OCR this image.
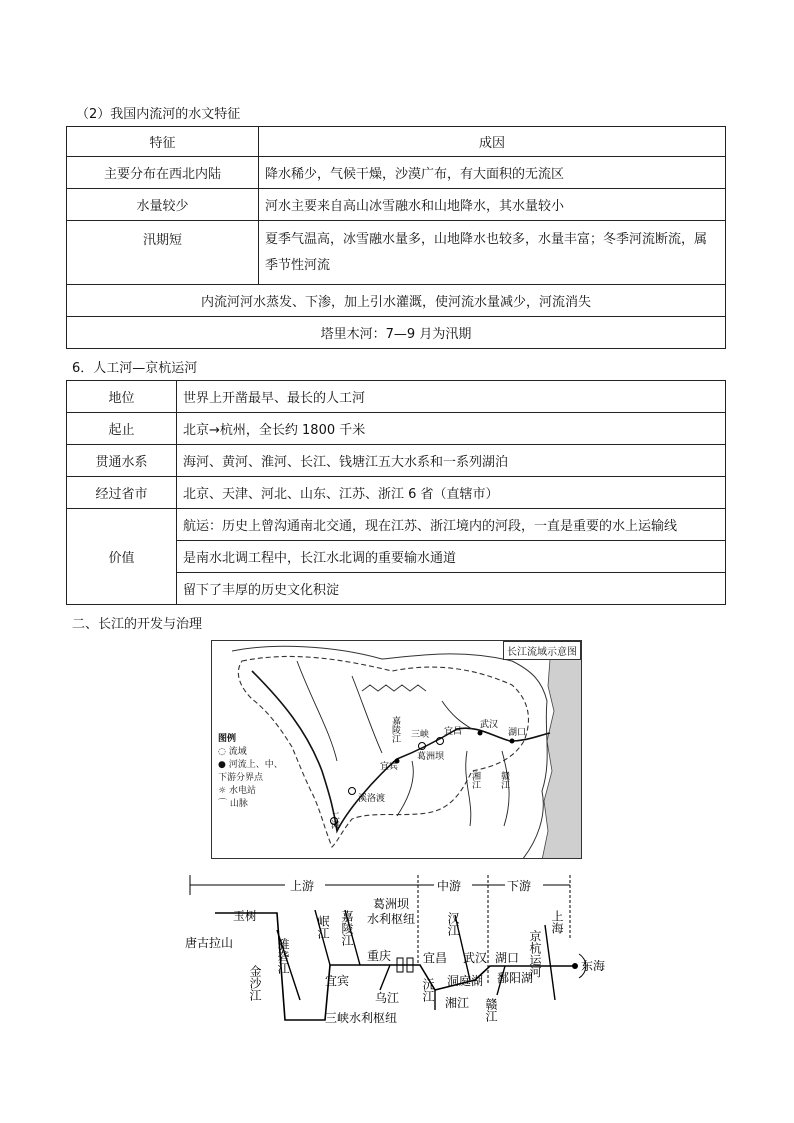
（2）我国内流河的水文特征
特征	成因
主要分布在西北内陆	降水稀少，气候干燥，沙漠广布，有大面积的无流区
水量较少	河水主要来自高山冰雪融水和山地降水，其水量较小
汛期短	夏季气温高，冰雪融水量多，山地降水也较多，水量丰富；冬季河流断流，属季节性河流
内流河河水蒸发、下渗，加上引水灌溉，使河流水量减少，河流消失	
塔里木河：7—9 月为汛期	
6．人工河—京杭运河
地位	世界上开凿最早、最长的人工河
起止	北京→杭州，全长约 1800 千米
贯通水系	海河、黄河、淮河、长江、钱塘江五大水系和一系列湖泊
经过省市	北京、天津、河北、山东、江苏、浙江 6 省（直辖市）
价值	航运：历史上曾沟通南北交通，现在江苏、浙江境内的河段，一直是重要的水上运输线
	是南水北调工程中，长江水北调的重要输水通道
	留下了丰厚的历史文化积淀
二、长江的开发与治理
长江流域示意图
图例
◌ 流域
● 河流上、中、下游分界点
☼ 水电站
⌒ 山脉
嘉陵江 三峡 宜昌
武汉
葛洲坝
湖口
宜宾
溪洛渡
二滩
湘江 赣江
上游	中游	下游
玉树
唐古拉山
金沙江
雅砻江
岷江 嘉陵江
宜宾
重庆
乌江
三峡水利枢纽
葛洲坝
水利枢纽
宜昌
沅江
汉江
武汉
洞庭湖
湘江
湖口
鄱阳湖
赣江
京杭运河
上海
东海
